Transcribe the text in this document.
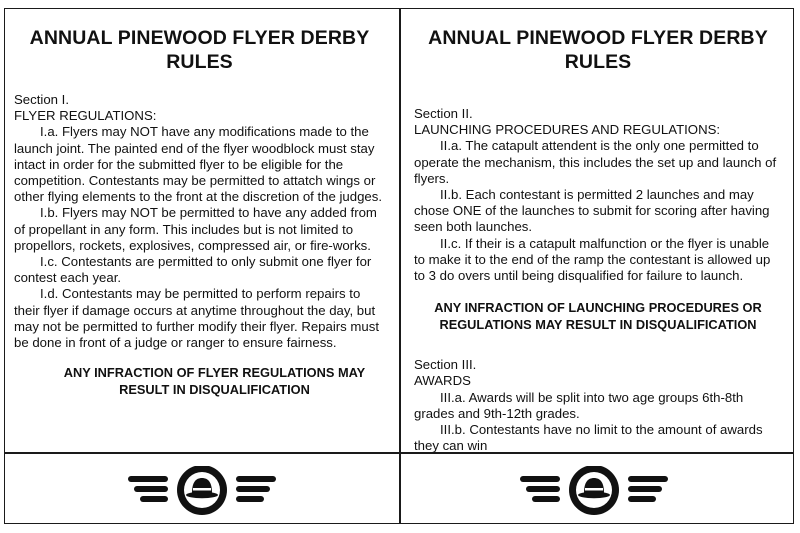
ANNUAL PINEWOOD FLYER DERBY
RULES
Section I.
FLYER REGULATIONS:
I.a. Flyers may NOT have any modifications made to the launch joint. The painted end of the flyer woodblock must stay intact in order for the submitted flyer to be eligible for the competition. Contestants may be permitted to attatch wings or other flying elements to the front at the discretion of the judges.
I.b. Flyers may NOT be permitted to have any added from of propellant in any form. This includes but is not limited to propellors, rockets, explosives, compressed air, or fire-works.
I.c. Contestants are permitted to only submit one flyer for contest each year.
I.d. Contestants may be permitted to perform repairs to their flyer if damage occurs at anytime throughout the day, but may not be permitted to further modify their flyer. Repairs must be done in front of a judge or ranger to ensure fairness.
ANY INFRACTION OF FLYER REGULATIONS MAY
RESULT IN DISQUALIFICATION
ANNUAL PINEWOOD FLYER DERBY
RULES
Section II.
LAUNCHING PROCEDURES AND REGULATIONS:
II.a. The catapult attendent is the only one permitted to operate the mechanism, this includes the set up and launch of flyers.
II.b. Each contestant is permitted 2 launches and may chose ONE of the launches to submit for scoring after having seen both launches.
II.c. If their is a catapult malfunction or the flyer is unable to make it to the end of the ramp the contestant is allowed up to 3 do overs until being disqualified for failure to launch.
ANY INFRACTION OF LAUNCHING PROCEDURES OR
REGULATIONS MAY RESULT IN DISQUALIFICATION
Section III.
AWARDS
III.a. Awards will be split into two age groups 6th-8th grades and 9th-12th grades.
III.b. Contestants have no limit to the amount of awards they can win
